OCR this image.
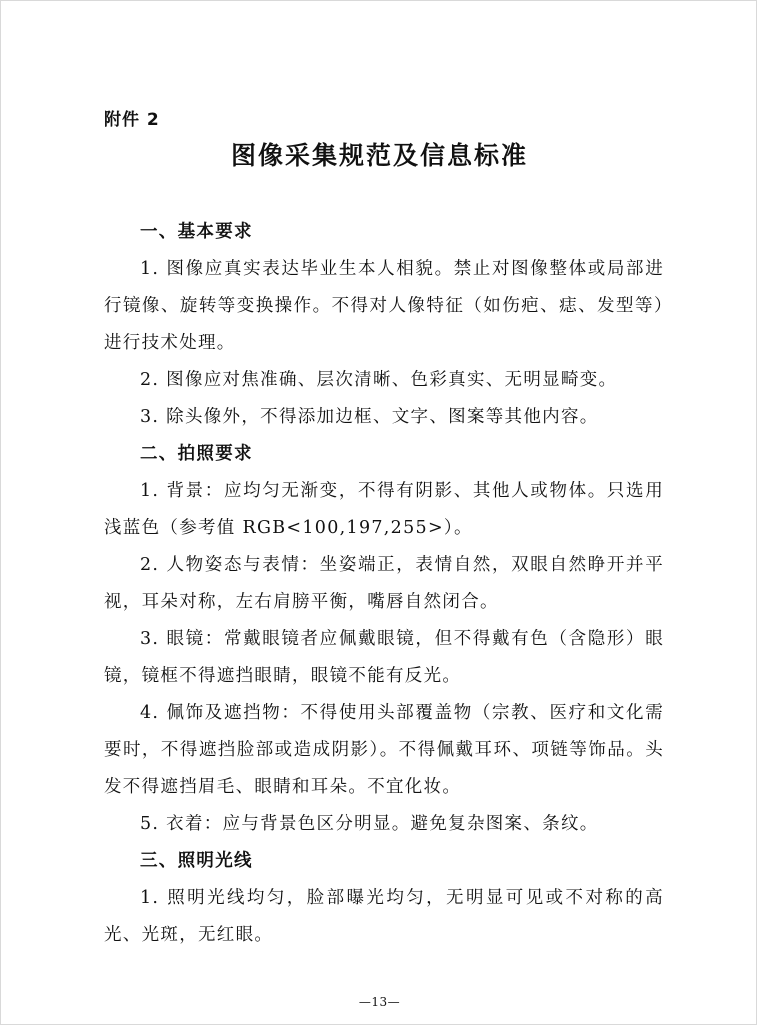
附件 2
图像采集规范及信息标准

一、基本要求

1. 图像应真实表达毕业生本人相貌。禁止对图像整体或局部进行镜像、旋转等变换操作。不得对人像特征（如伤疤、痣、发型等）进行技术处理。

2. 图像应对焦准确、层次清晰、色彩真实、无明显畸变。

3. 除头像外，不得添加边框、文字、图案等其他内容。

二、拍照要求

1. 背景：应均匀无渐变，不得有阴影、其他人或物体。只选用浅蓝色（参考值 RGB<100,197,255>）。

2. 人物姿态与表情：坐姿端正，表情自然，双眼自然睁开并平视，耳朵对称，左右肩膀平衡，嘴唇自然闭合。

3. 眼镜：常戴眼镜者应佩戴眼镜，但不得戴有色（含隐形）眼镜，镜框不得遮挡眼睛，眼镜不能有反光。

4. 佩饰及遮挡物：不得使用头部覆盖物（宗教、医疗和文化需要时，不得遮挡脸部或造成阴影）。不得佩戴耳环、项链等饰品。头发不得遮挡眉毛、眼睛和耳朵。不宜化妆。

5. 衣着：应与背景色区分明显。避免复杂图案、条纹。

三、照明光线

1. 照明光线均匀，脸部曝光均匀，无明显可见或不对称的高光、光斑，无红眼。

—13—
